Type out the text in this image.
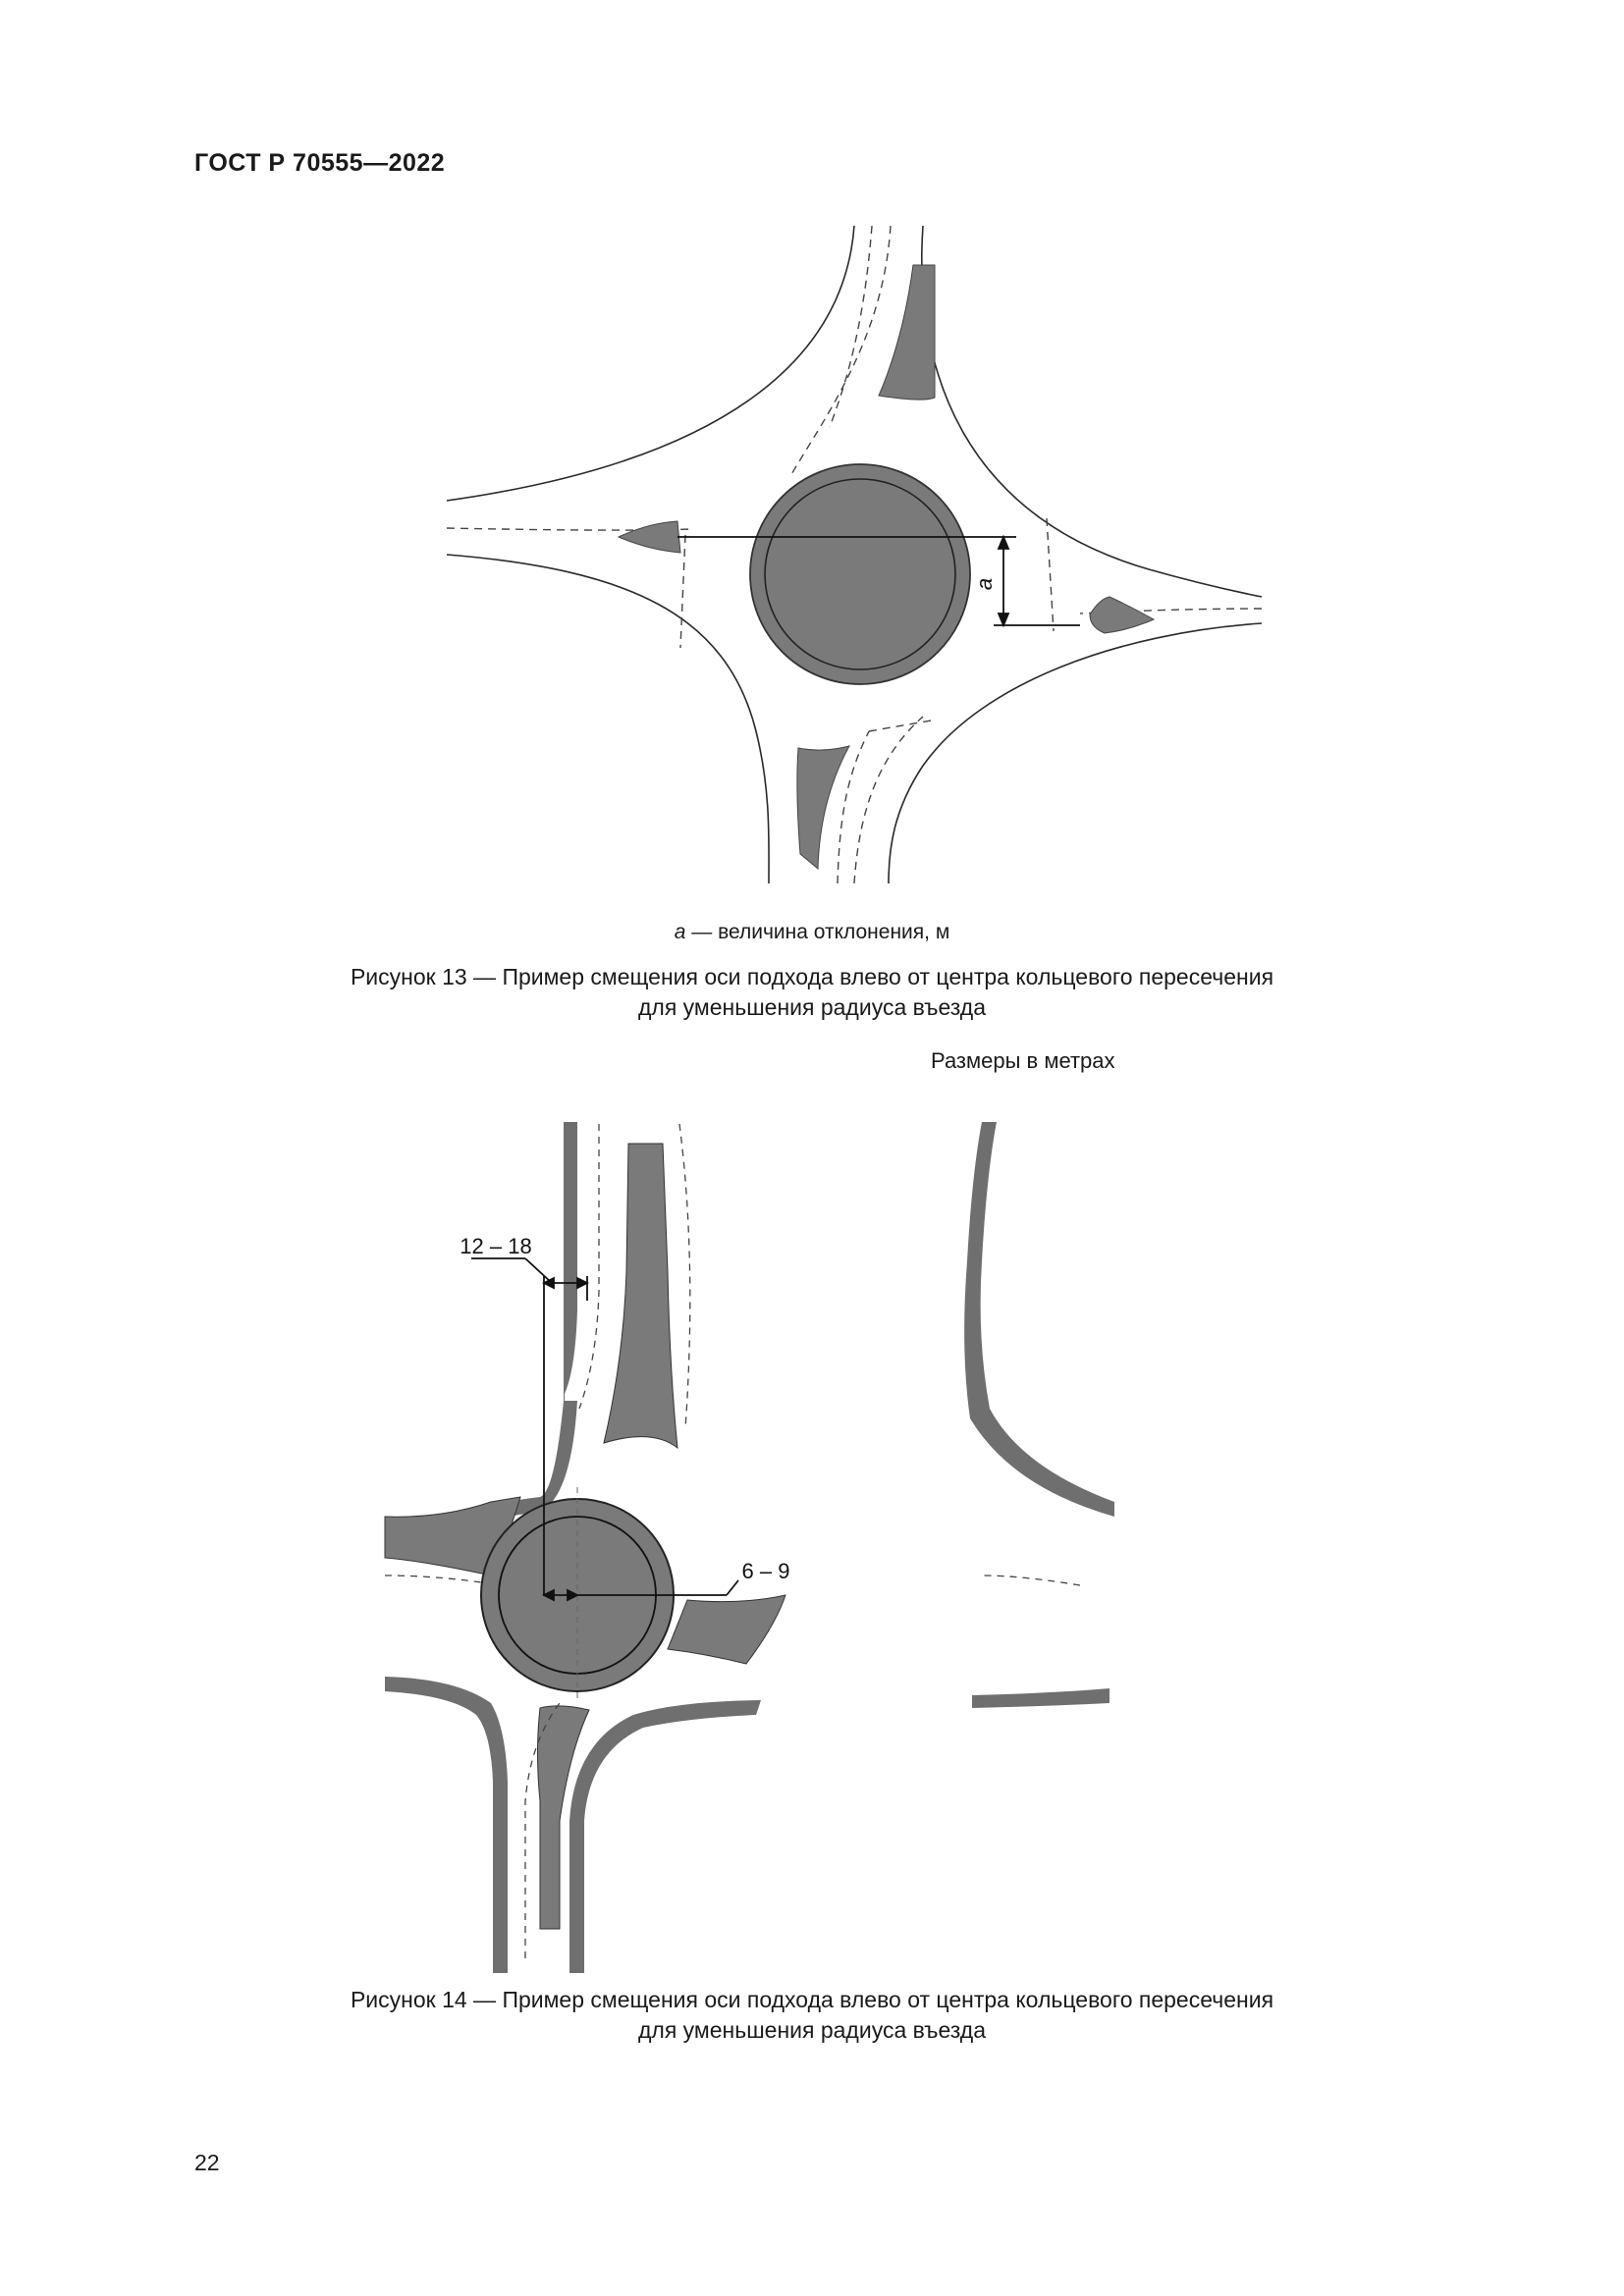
ГОСТ Р 70555—2022
a
a — величина отклонения, м
Рисунок 13 — Пример смещения оси подхода влево от центра кольцевого пересечения
для уменьшения радиуса въезда
Размеры в метрах
12 – 18
6 – 9
Рисунок 14 — Пример смещения оси подхода влево от центра кольцевого пересечения
для уменьшения радиуса въезда
22
